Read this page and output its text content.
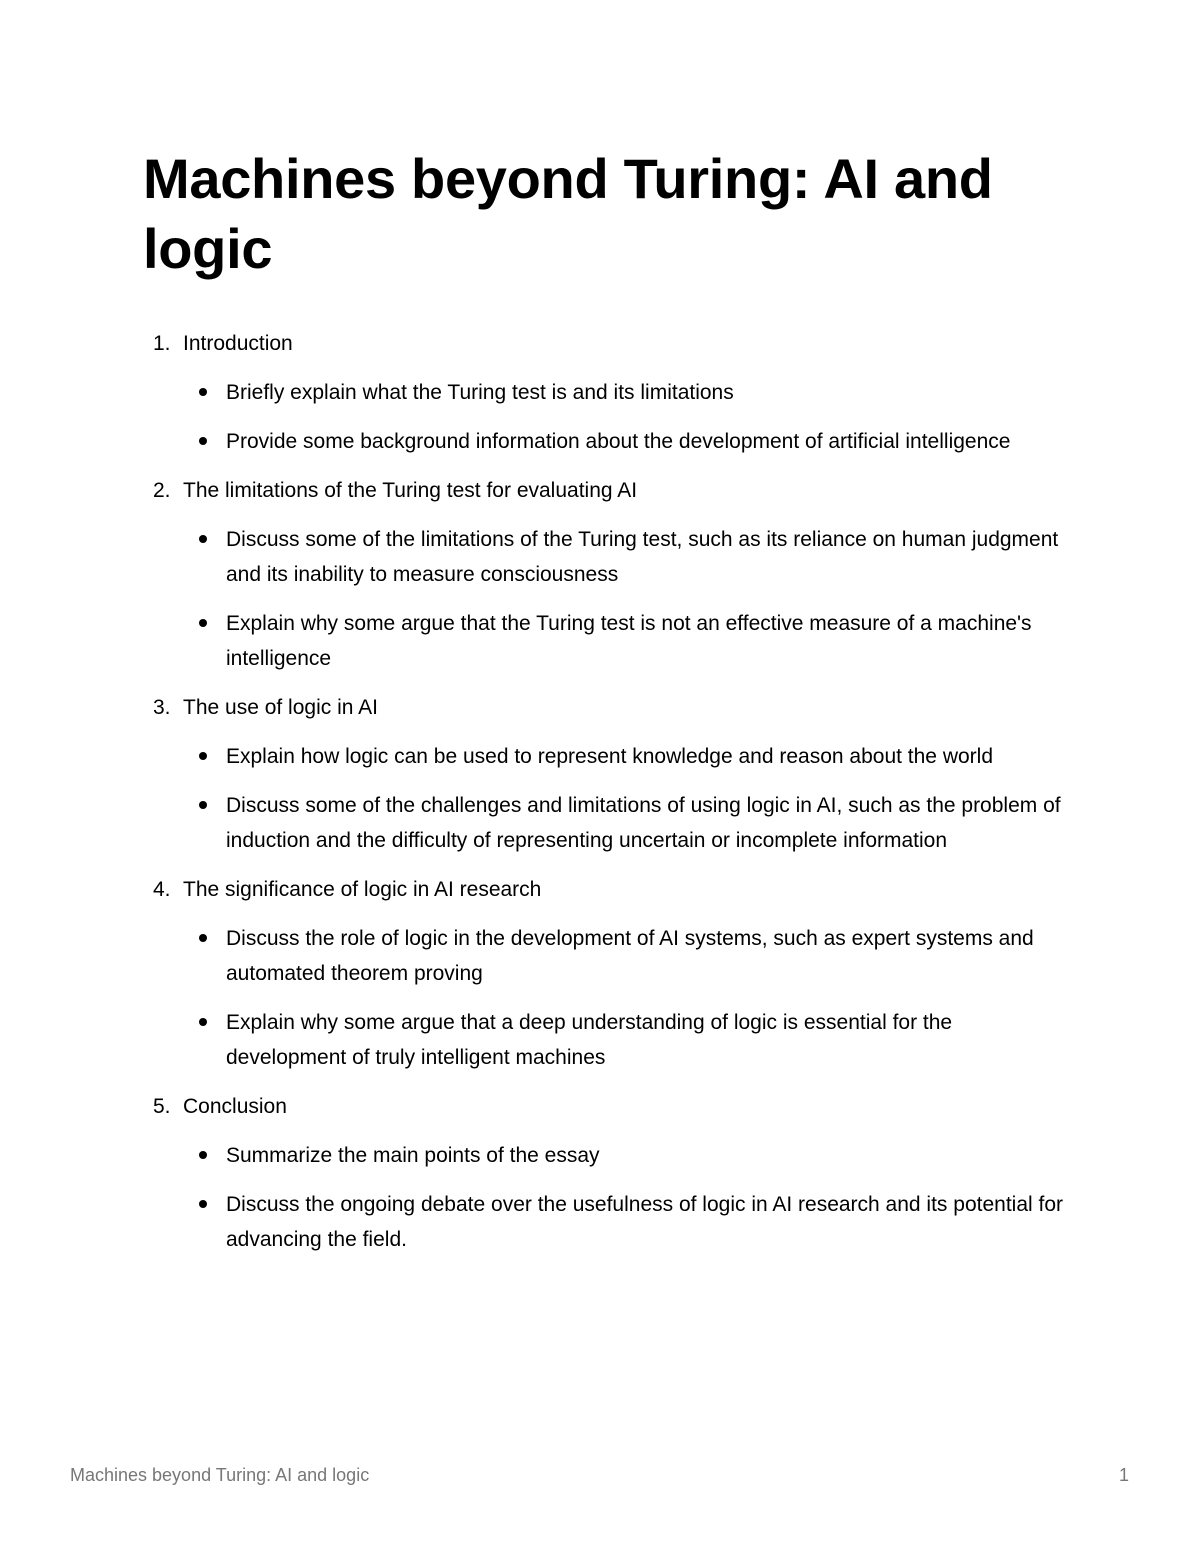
Machines beyond Turing: AI and logic
1. Introduction
Briefly explain what the Turing test is and its limitations
Provide some background information about the development of artificial intelligence
2. The limitations of the Turing test for evaluating AI
Discuss some of the limitations of the Turing test, such as its reliance on human judgment and its inability to measure consciousness
Explain why some argue that the Turing test is not an effective measure of a machine's intelligence
3. The use of logic in AI
Explain how logic can be used to represent knowledge and reason about the world
Discuss some of the challenges and limitations of using logic in AI, such as the problem of induction and the difficulty of representing uncertain or incomplete information
4. The significance of logic in AI research
Discuss the role of logic in the development of AI systems, such as expert systems and automated theorem proving
Explain why some argue that a deep understanding of logic is essential for the development of truly intelligent machines
5. Conclusion
Summarize the main points of the essay
Discuss the ongoing debate over the usefulness of logic in AI research and its potential for advancing the field.
Machines beyond Turing: AI and logic	1
